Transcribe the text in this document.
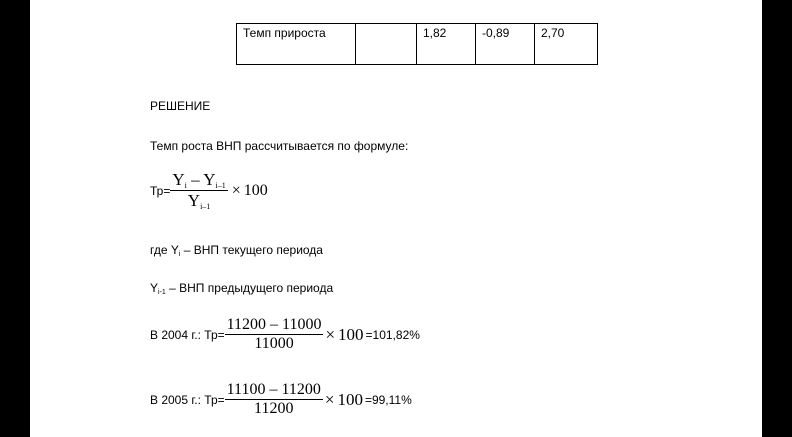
Темп прироста		1,82	-0,89	2,70
РЕШЕНИЕ
Темп роста ВНП рассчитывается по формуле:
$Тр= \frac{Y_i - Y_{i-1}}{Y_{i-1}} \times 100$
где $Y_i$ – ВНП текущего периода
$Y_{i-1}$ – ВНП предыдущего периода
В 2004 г.: $Тр= \frac{11200 - 11000}{11000} \times 100 =101,82\%$
В 2005 г.: $Тр= \frac{11100 - 11200}{11200} \times 100 =99,11\%$
